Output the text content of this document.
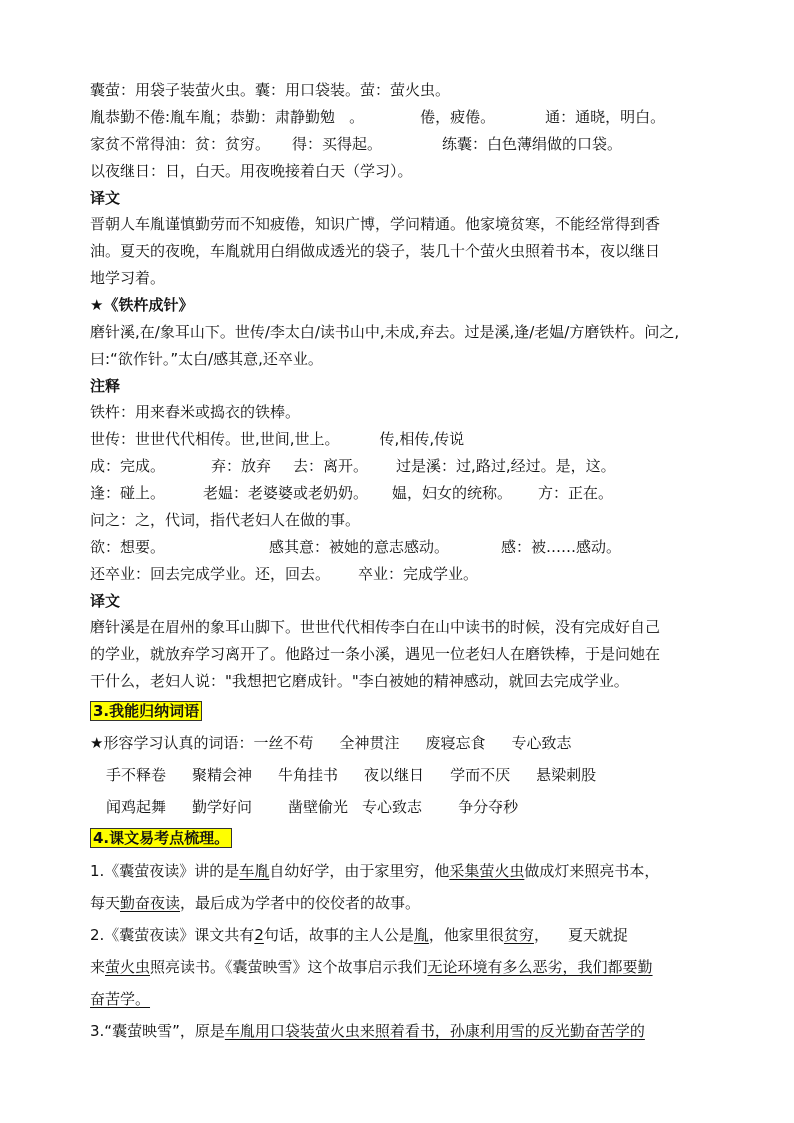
囊萤：用袋子装萤火虫。囊：用口袋装。萤：萤火虫。
胤恭勤不倦:胤车胤；恭勤：肃静勤勉 。	倦，疲倦。	通：通晓，明白。
家贫不常得油：贫：贫穷。 得：买得起。	练囊：白色薄绢做的口袋。
以夜继日：日，白天。用夜晚接着白天（学习）。
译文
晋朝人车胤谨慎勤劳而不知疲倦，知识广博，学问精通。他家境贫寒，不能经常得到香
油。夏天的夜晚，车胤就用白绢做成透光的袋子，装几十个萤火虫照着书本，夜以继日
地学习着。
★《铁杵成针》
磨针溪,在/象耳山下。世传/李太白/读书山中,未成,弃去。过是溪,逢/老媪/方磨铁杵。问之,
曰:“欲作针。”太白/感其意,还卒业。
注释
铁杵：用来舂米或捣衣的铁棒。
世传：世世代代相传。世,世间,世上。	传,相传,传说
成：完成。	弃：放弃 去：离开。 过是溪：过,路过,经过。是，这。
逢：碰上。	老媪：老婆婆或老奶奶。 媪，妇女的统称。 方：正在。
问之：之，代词，指代老妇人在做的事。
欲：想要。	感其意：被她的意志感动。	感：被……感动。
还卒业：回去完成学业。还，回去。 卒业：完成学业。
译文
磨针溪是在眉州的象耳山脚下。世世代代相传李白在山中读书的时候，没有完成好自己
的学业，就放弃学习离开了。他路过一条小溪，遇见一位老妇人在磨铁棒，于是问她在
干什么，老妇人说："我想把它磨成针。"李白被她的精神感动，就回去完成学业。
3.我能归纳词语
★形容学习认真的词语：一丝不苟 全神贯注 废寝忘食 专心致志
手不释卷 聚精会神 牛角挂书 夜以继日 学而不厌 悬梁刺股
闻鸡起舞 勤学好问 凿壁偷光 专心致志 争分夺秒
4.课文易考点梳理。
1.《囊萤夜读》讲的是车胤自幼好学，由于家里穷，他采集萤火虫做成灯来照亮书本，
每天勤奋夜读，最后成为学者中的佼佼者的故事。
2.《囊萤夜读》课文共有2句话，故事的主人公是胤，他家里很贫穷，    夏天就捉
来萤火虫照亮读书。《囊萤映雪》这个故事启示我们无论环境有多么恶劣，我们都要勤
奋苦学。
3.“囊萤映雪”，原是车胤用口袋装萤火虫来照着看书，孙康利用雪的反光勤奋苦学的
